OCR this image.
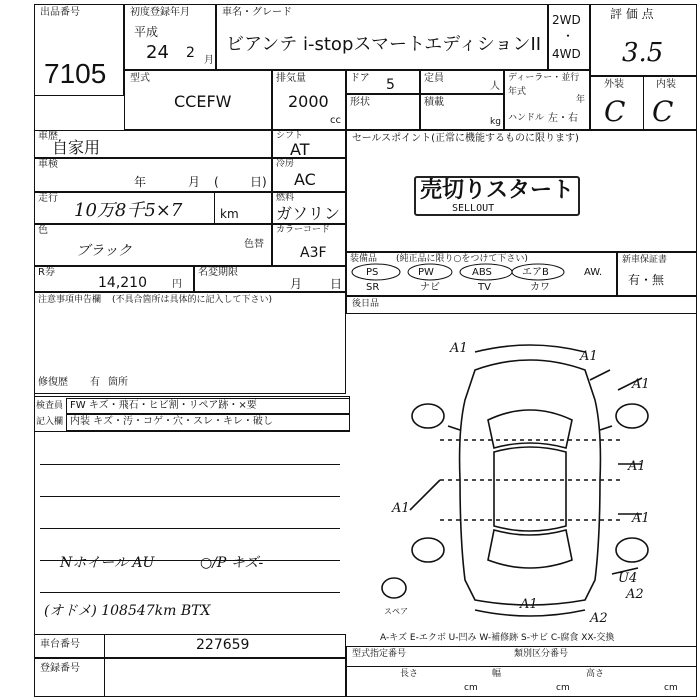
出品番号
7105
初度登録年月
平成
24 2 月
車名・グレード
ビアンテ i-stopスマートエディションII
2WD
・
4WD
評 価 点
3.5
外装	内装
C C
型式
CCEFW
排気量
2000
cc
ドア 5
形状
定員
人
積載
kg
ディーラー・並行
年式
年
ハンドル 左・右
車歴
自家用
車検
(
年	月	日 )
走行
10万8千5×7	km
色
ブラック	色替
シフト
AT
冷房
AC
燃料
ガソリン
カラーコード
A3F
R券
14,210	円
名変期限
月 日
注意事項申告欄 (不具合箇所は具体的に記入して下さい)
修復歴 有 箇所
検査員
記入欄
FW キズ・飛石・ヒビ割・リペア跡・×要
内装 キズ・汚・コゲ・穴・スレ・キレ・破し
Nホイール AU	○/P キズ-
(オドメ) 108547km BTX
セールスポイント(正常に機能するものに限ります)
売切りスタート
SELLOUT
装備品 (純正品に限り○をつけて下さい)
PS	PW	ABS	エアB	AW.
SR	ナビ	TV	カワ
新車保証書
有・無
後日品
A1
A1
A1
A1
A1
A1
U4
A2
A1
A2
スペア
A-キズ E-エクボ U-凹み W-補修跡 S-サビ C-腐食 XX-交換
車台番号	227659
登録番号
型式指定番号	類別区分番号
長さ	幅	高さ
cm	cm	cm
